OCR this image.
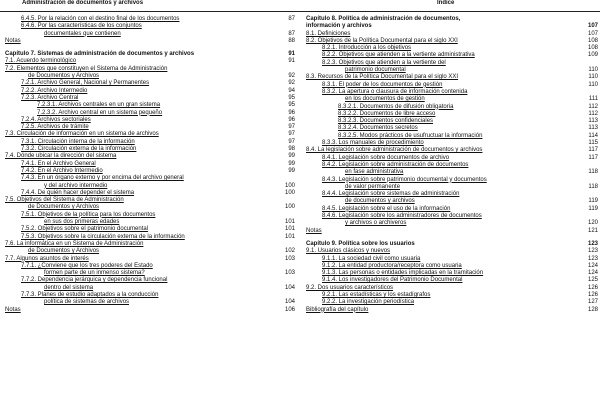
Administración de documentos y archivos	Índice
6.4.5. Por la relación con el destino final de los documentos	87
6.4.6. Por las características de los conjuntos
documentales que contienen	87
Notas	88
Capítulo 7. Sistemas de administración de documentos y archivos	91
7.1. Acuerdo terminológico	91
7.2. Elementos que constituyen el Sistema de Administración
de Documentos y Archivos	92
7.2.1. Archivo General, Nacional y Permanentes	92
7.2.2. Archivo Intermedio	94
7.2.3. Archivo Central	95
7.2.3.1. Archivos centrales en un gran sistema	95
7.2.3.2. Archivo central en un sistema pequeño	96
7.2.4. Archivos sectoriales	96
7.2.5. Archivos de trámite	97
7.3. Circulación de información en un sistema de archivos	97
7.3.1. Circulación interna de la información	97
7.3.2. Circulación externa de la información	98
7.4. Dónde ubicar la dirección del sistema	99
7.4.1. En el Archivo General	99
7.4.2. En el Archivo Intermedio	99
7.4.3. En un órgano externo y por encima del archivo general
y del archivo intermedio	100
7.4.4. De quién hacer depender el sistema	100
7.5. Objetivos del Sistema de Administración
de Documentos y Archivos	100
7.5.1. Objetivos de la política para los documentos
en sus dos primeras edades	101
7.5.2. Objetivos sobre el patrimonio documental	101
7.5.3. Objetivos sobre la circulación externa de la información	101
7.6. La informática en un Sistema de Administración
de Documentos y Archivos	102
7.7. Algunos asuntos de interés	103
7.7.1. ¿Conviene que los tres poderes del Estado
formen parte de un inmenso sistema?	103
7.7.2. Dependencia jerárquica y dependencia funcional
dentro del sistema	104
7.7.3. Planes de estudio adaptados a la conducción
política de sistemas de archivos	104
Notas	106
Capítulo 8. Política de administración de documentos,
información y archivos	107
8.1. Definiciones	107
8.2. Objetivos de la Política Documental para el siglo XXI	108
8.2.1. Introducción a los objetivos	108
8.2.2. Objetivos que atienden a la vertiente administrativa	109
8.2.3. Objetivos que atienden a la vertiente del
patrimonio documental	110
8.3. Recursos de la Política Documental para el siglo XXI	110
8.3.1. El poder de los documentos de gestión	110
8.3.2. La apertura o clausura de información contenida
en los documentos de gestión	111
8.3.2.1. Documentos de difusión obligatoria	112
8.3.2.2. Documentos de libre acceso	112
8.3.2.3. Documentos confidenciales	113
8.3.2.4. Documentos secretos	113
8.3.2.5. Modos prácticos de usufructuar la información	114
8.3.3. Los manuales de procedimiento	115
8.4. La legislación sobre administración de documentos y archivos	117
8.4.1. Legislación sobre documentos de archivo	117
8.4.2. Legislación sobre administración de documentos
en fase administrativa	118
8.4.3. Legislación sobre patrimonio documental y documentos
de valor permanente	118
8.4.4. Legislación sobre sistemas de administración
de documentos y archivos	119
8.4.5. Legislación sobre el uso de la información	119
8.4.6. Legislación sobre los administradores de documentos
y archivos o archiveros	120
Notas	121
Capítulo 9. Política sobre los usuarios	123
9.1. Usuarios clásicos y nuevos	123
9.1.1. La sociedad civil como usuaria	123
9.1.2. La entidad productora/receptora como usuaria	124
9.1.3. Las personas o entidades implicadas en la tramitación	124
9.1.4. Los investigadores del Patrimonio Documental	125
9.2. Dos usuarios característicos	126
9.2.1. Las estadísticas y los estadígrafos	126
9.2.2. La investigación periodística	127
Bibliografía del capítulo	128
